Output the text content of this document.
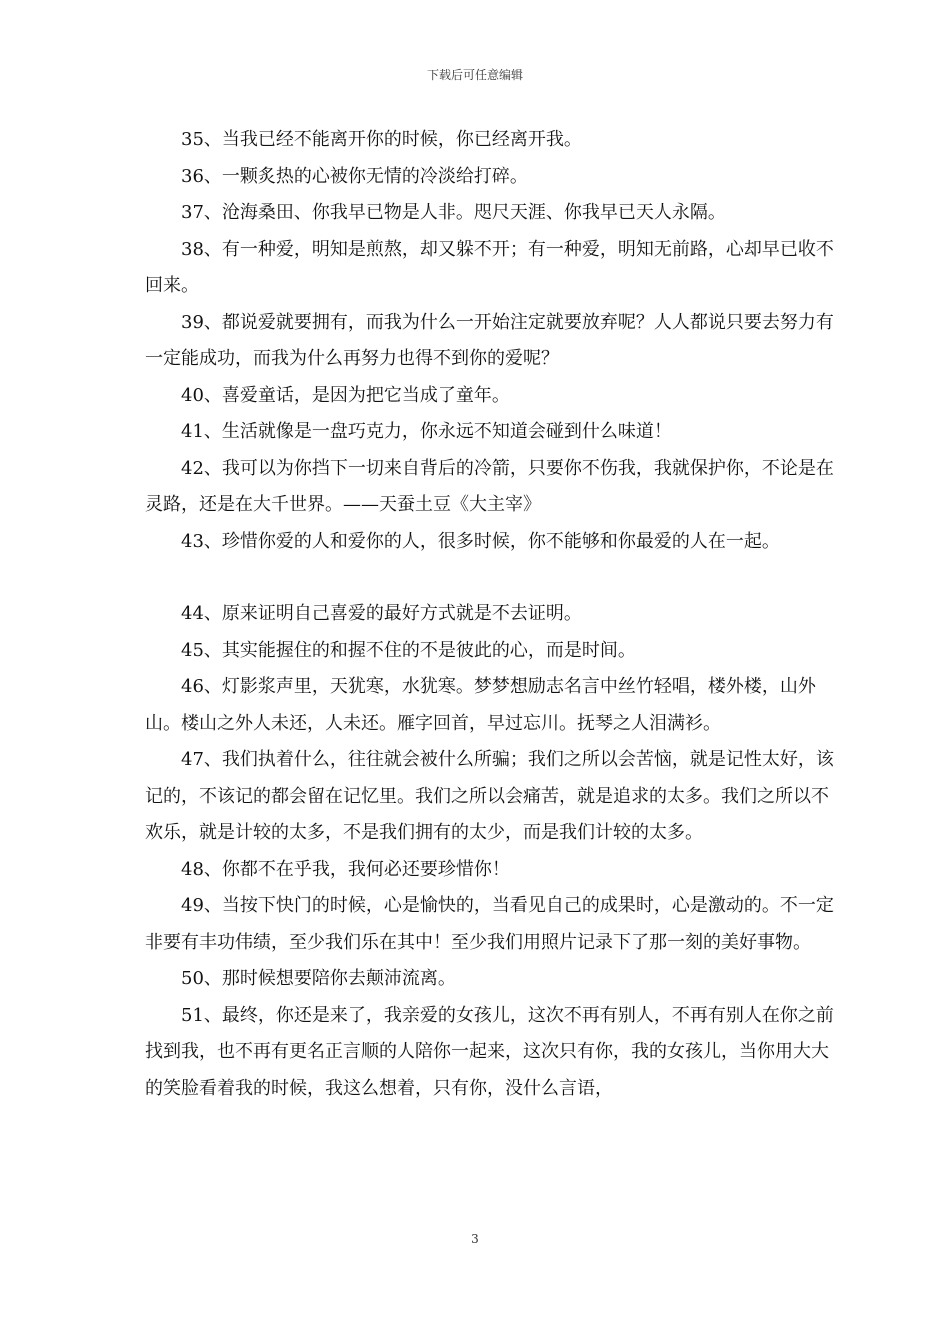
下载后可任意编辑

35、当我已经不能离开你的时候，你已经离开我。

36、一颗炙热的心被你无情的冷淡给打碎。

37、沧海桑田、你我早已物是人非。咫尺天涯、你我早已天人永隔。

38、有一种爱，明知是煎熬，却又躲不开；有一种爱，明知无前路，心却早已收不回来。

39、都说爱就要拥有，而我为什么一开始注定就要放弃呢？人人都说只要去努力有一定能成功，而我为什么再努力也得不到你的爱呢？

40、喜爱童话，是因为把它当成了童年。

41、生活就像是一盘巧克力，你永远不知道会碰到什么味道！

42、我可以为你挡下一切来自背后的冷箭，只要你不伤我，我就保护你，不论是在灵路，还是在大千世界。——天蚕土豆《大主宰》

43、珍惜你爱的人和爱你的人，很多时候，你不能够和你最爱的人在一起。

44、原来证明自己喜爱的最好方式就是不去证明。

45、其实能握住的和握不住的不是彼此的心，而是时间。

46、灯影浆声里，天犹寒，水犹寒。梦梦想励志名言中丝竹轻唱，楼外楼，山外山。楼山之外人未还，人未还。雁字回首，早过忘川。抚琴之人泪满衫。

47、我们执着什么，往往就会被什么所骗；我们之所以会苦恼，就是记性太好，该记的，不该记的都会留在记忆里。我们之所以会痛苦，就是追求的太多。我们之所以不欢乐，就是计较的太多，不是我们拥有的太少，而是我们计较的太多。

48、你都不在乎我，我何必还要珍惜你！

49、当按下快门的时候，心是愉快的，当看见自己的成果时，心是激动的。不一定非要有丰功伟绩，至少我们乐在其中！至少我们用照片记录下了那一刻的美好事物。

50、那时候想要陪你去颠沛流离。

51、最终，你还是来了，我亲爱的女孩儿，这次不再有别人，不再有别人在你之前找到我，也不再有更名正言顺的人陪你一起来，这次只有你，我的女孩儿，当你用大大的笑脸看着我的时候，我这么想着，只有你，没什么言语，

3
